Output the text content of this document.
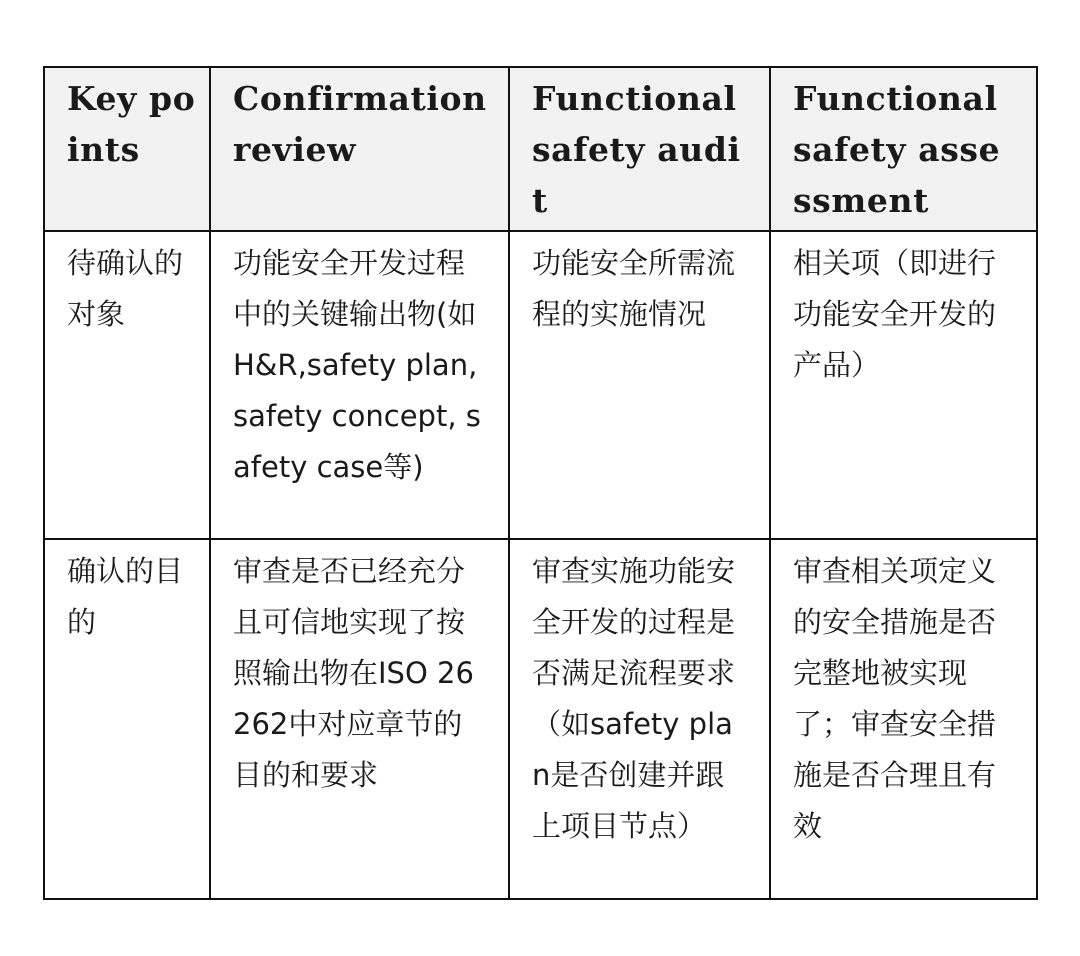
Key points	Confirmation review	Functional safety audit	Functional safety assessment
待确认的对象	功能安全开发过程中的关键输出物(如H&R,safety plan, safety concept, safety case等)	功能安全所需流程的实施情况	相关项（即进行功能安全开发的产品）
确认的目的	审查是否已经充分且可信地实现了按照输出物在ISO 26262中对应章节的目的和要求	审查实施功能安全开发的过程是否满足流程要求（如safety plan是否创建并跟上项目节点）	审查相关项定义的安全措施是否完整地被实现了；审查安全措施是否合理且有效
